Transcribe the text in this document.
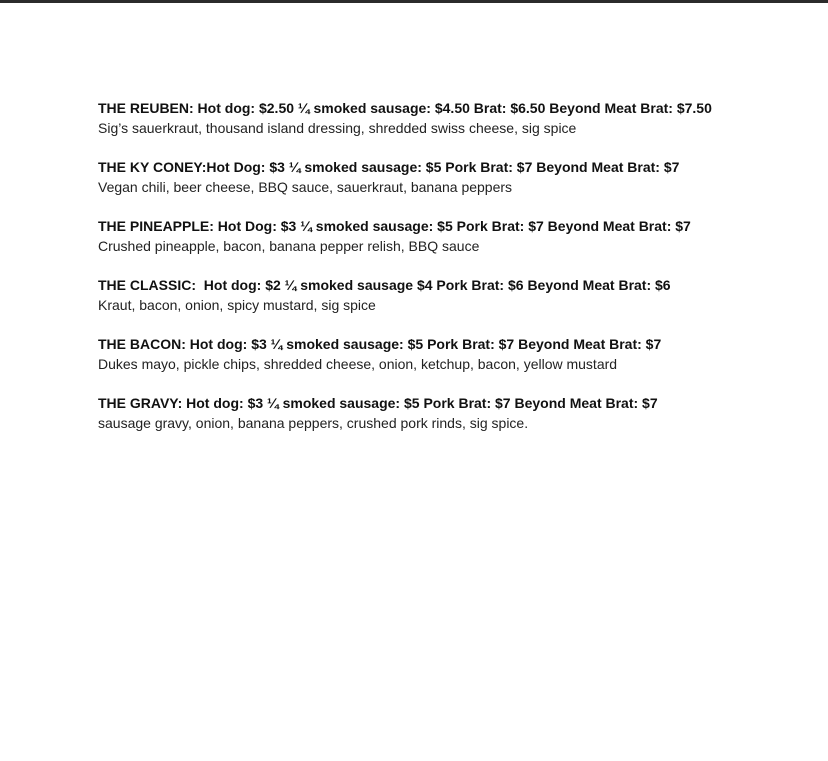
THE REUBEN: Hot dog: $2.50 ¼ smoked sausage: $4.50 Brat: $6.50 Beyond Meat Brat: $7.50
Sig’s sauerkraut, thousand island dressing, shredded swiss cheese, sig spice
THE KY CONEY:Hot Dog: $3 ¼ smoked sausage: $5 Pork Brat: $7 Beyond Meat Brat: $7
Vegan chili, beer cheese, BBQ sauce, sauerkraut, banana peppers
THE PINEAPPLE: Hot Dog: $3 ¼ smoked sausage: $5 Pork Brat: $7 Beyond Meat Brat: $7
Crushed pineapple, bacon, banana pepper relish, BBQ sauce
THE CLASSIC:  Hot dog: $2 ¼ smoked sausage $4 Pork Brat: $6 Beyond Meat Brat: $6
Kraut, bacon, onion, spicy mustard, sig spice
THE BACON: Hot dog: $3 ¼ smoked sausage: $5 Pork Brat: $7 Beyond Meat Brat: $7
Dukes mayo, pickle chips, shredded cheese, onion, ketchup, bacon, yellow mustard
THE GRAVY: Hot dog: $3 ¼ smoked sausage: $5 Pork Brat: $7 Beyond Meat Brat: $7
sausage gravy, onion, banana peppers, crushed pork rinds, sig spice.
